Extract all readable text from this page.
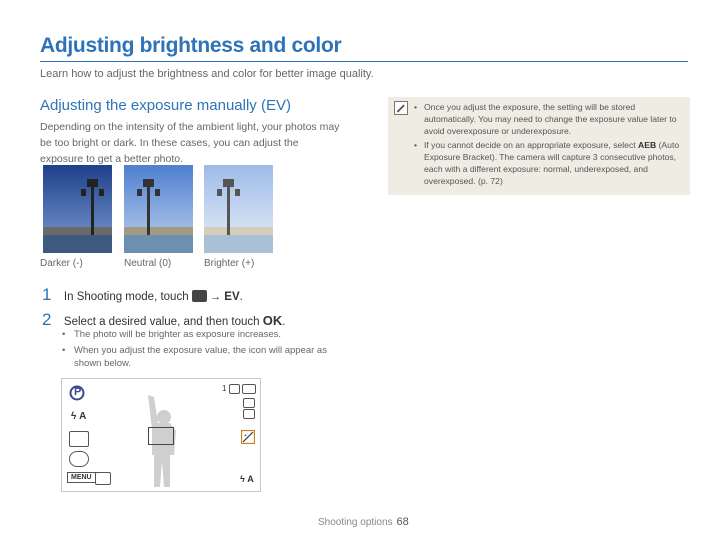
Adjusting brightness and color
Learn how to adjust the brightness and color for better image quality.
Adjusting the exposure manually (EV)
Depending on the intensity of the ambient light, your photos may be too bright or dark. In these cases, you can adjust the exposure to get a better photo.
• Once you adjust the exposure, the setting will be stored automatically. You may need to change the exposure value later to avoid overexposure or underexposure.
• If you cannot decide on an appropriate exposure, select AEB (Auto Exposure Bracket). The camera will capture 3 consecutive photos, each with a different exposure: normal, underexposed, and overexposed. (p. 72)
Darker (-)	Neutral (0)	Brighter (+)
1 In Shooting mode, touch → EV.
2 Select a desired value, and then touch OK.
• The photo will be brighter as exposure increases.
• When you adjust the exposure value, the icon will appear as shown below.
P
ϟ A
MENU
1
+
ϟ A
Shooting options 68
